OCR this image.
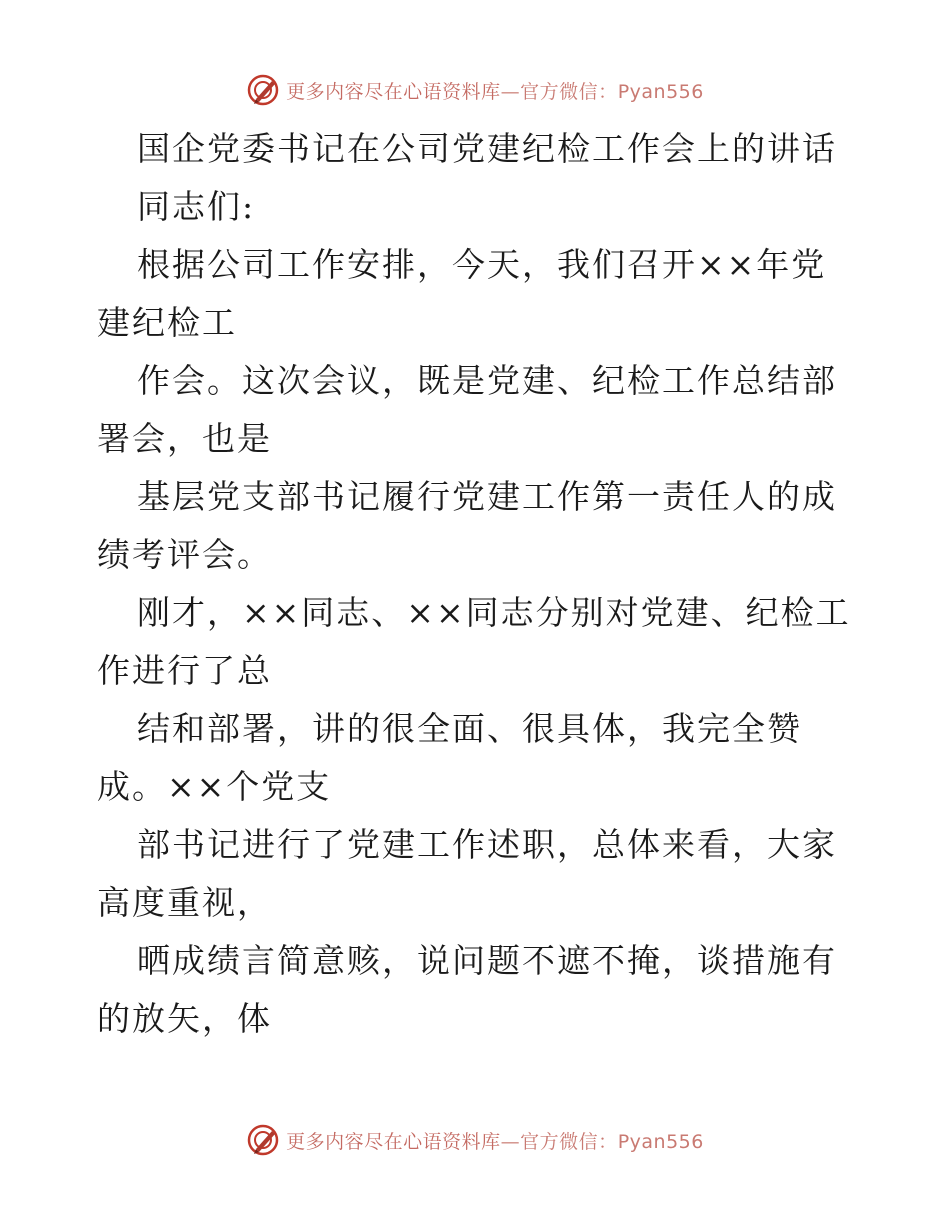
更多内容尽在心语资料库—官方微信：Pyan556

国企党委书记在公司党建纪检工作会上的讲话

同志们:

根据公司工作安排，今天，我们召开××年党建纪检工

作会。这次会议，既是党建、纪检工作总结部署会，也是

基层党支部书记履行党建工作第一责任人的成绩考评会。

刚才，××同志、××同志分别对党建、纪检工作进行了总

结和部署，讲的很全面、很具体，我完全赞成。××个党支

部书记进行了党建工作述职，总体来看，大家高度重视，

晒成绩言简意赅，说问题不遮不掩，谈措施有的放矢，体

更多内容尽在心语资料库—官方微信：Pyan556
